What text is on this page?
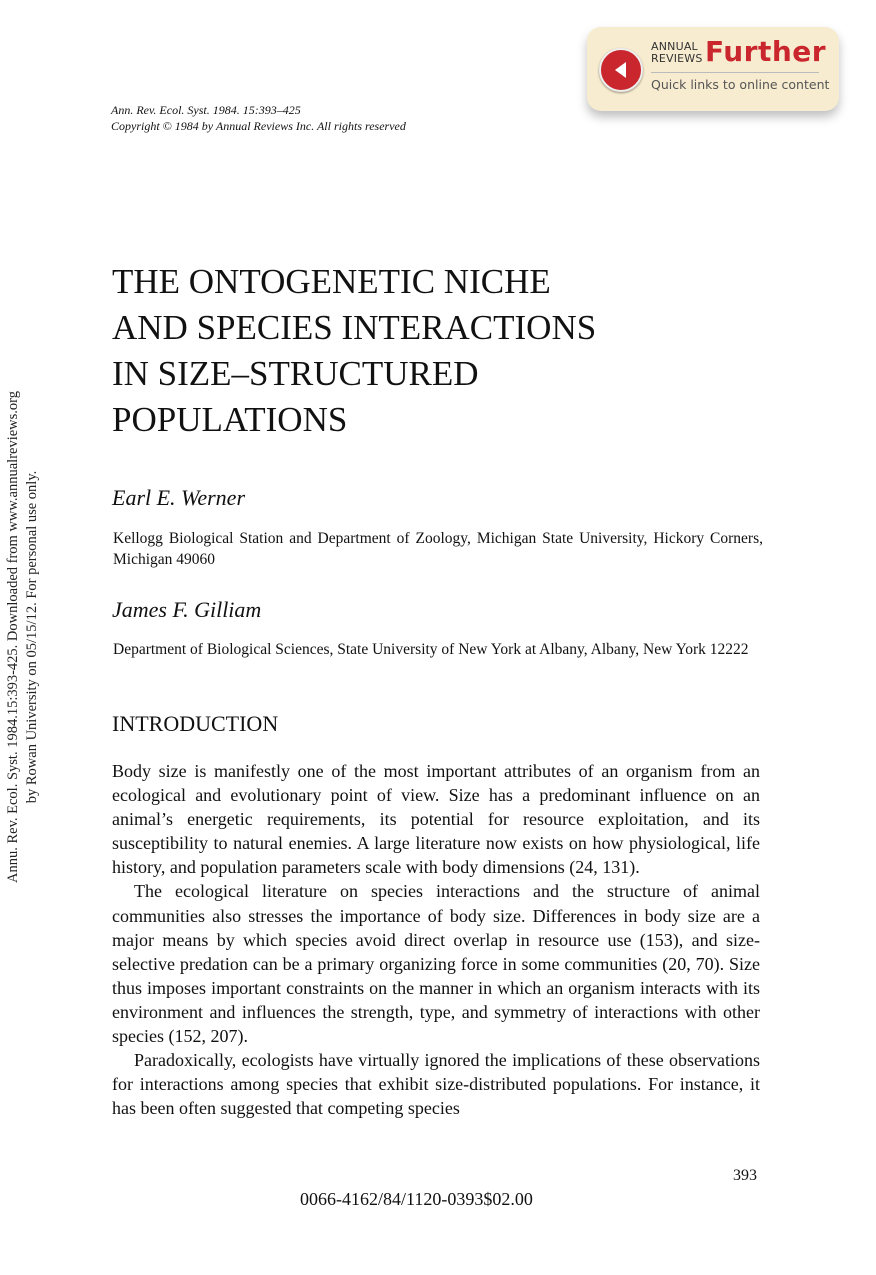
Annu. Rev. Ecol. Syst. 1984.15:393-425. Downloaded from www.annualreviews.org by Rowan University on 05/15/12. For personal use only.
ANNUAL
REVIEWS Further
Quick links to online content
Ann. Rev. Ecol. Syst. 1984. 15:393–425
Copyright © 1984 by Annual Reviews Inc. All rights reserved
THE ONTOGENETIC NICHE
AND SPECIES INTERACTIONS
IN SIZE–STRUCTURED
POPULATIONS
Earl E. Werner
Kellogg Biological Station and Department of Zoology, Michigan State University, Hickory Corners, Michigan 49060
James F. Gilliam
Department of Biological Sciences, State University of New York at Albany, Albany, New York 12222
INTRODUCTION

Body size is manifestly one of the most important attributes of an organism from an ecological and evolutionary point of view. Size has a predominant influence on an animal’s energetic requirements, its potential for resource exploitation, and its susceptibility to natural enemies. A large literature now exists on how physiological, life history, and population parameters scale with body dimensions (24, 131).

The ecological literature on species interactions and the structure of animal communities also stresses the importance of body size. Differences in body size are a major means by which species avoid direct overlap in resource use (153), and size-selective predation can be a primary organizing force in some communities (20, 70). Size thus imposes important constraints on the manner in which an organism interacts with its environment and influences the strength, type, and symmetry of interactions with other species (152, 207).

Paradoxically, ecologists have virtually ignored the implications of these observations for interactions among species that exhibit size-distributed populations. For instance, it has been often suggested that competing species

393
0066-4162/84/1120-0393$02.00
